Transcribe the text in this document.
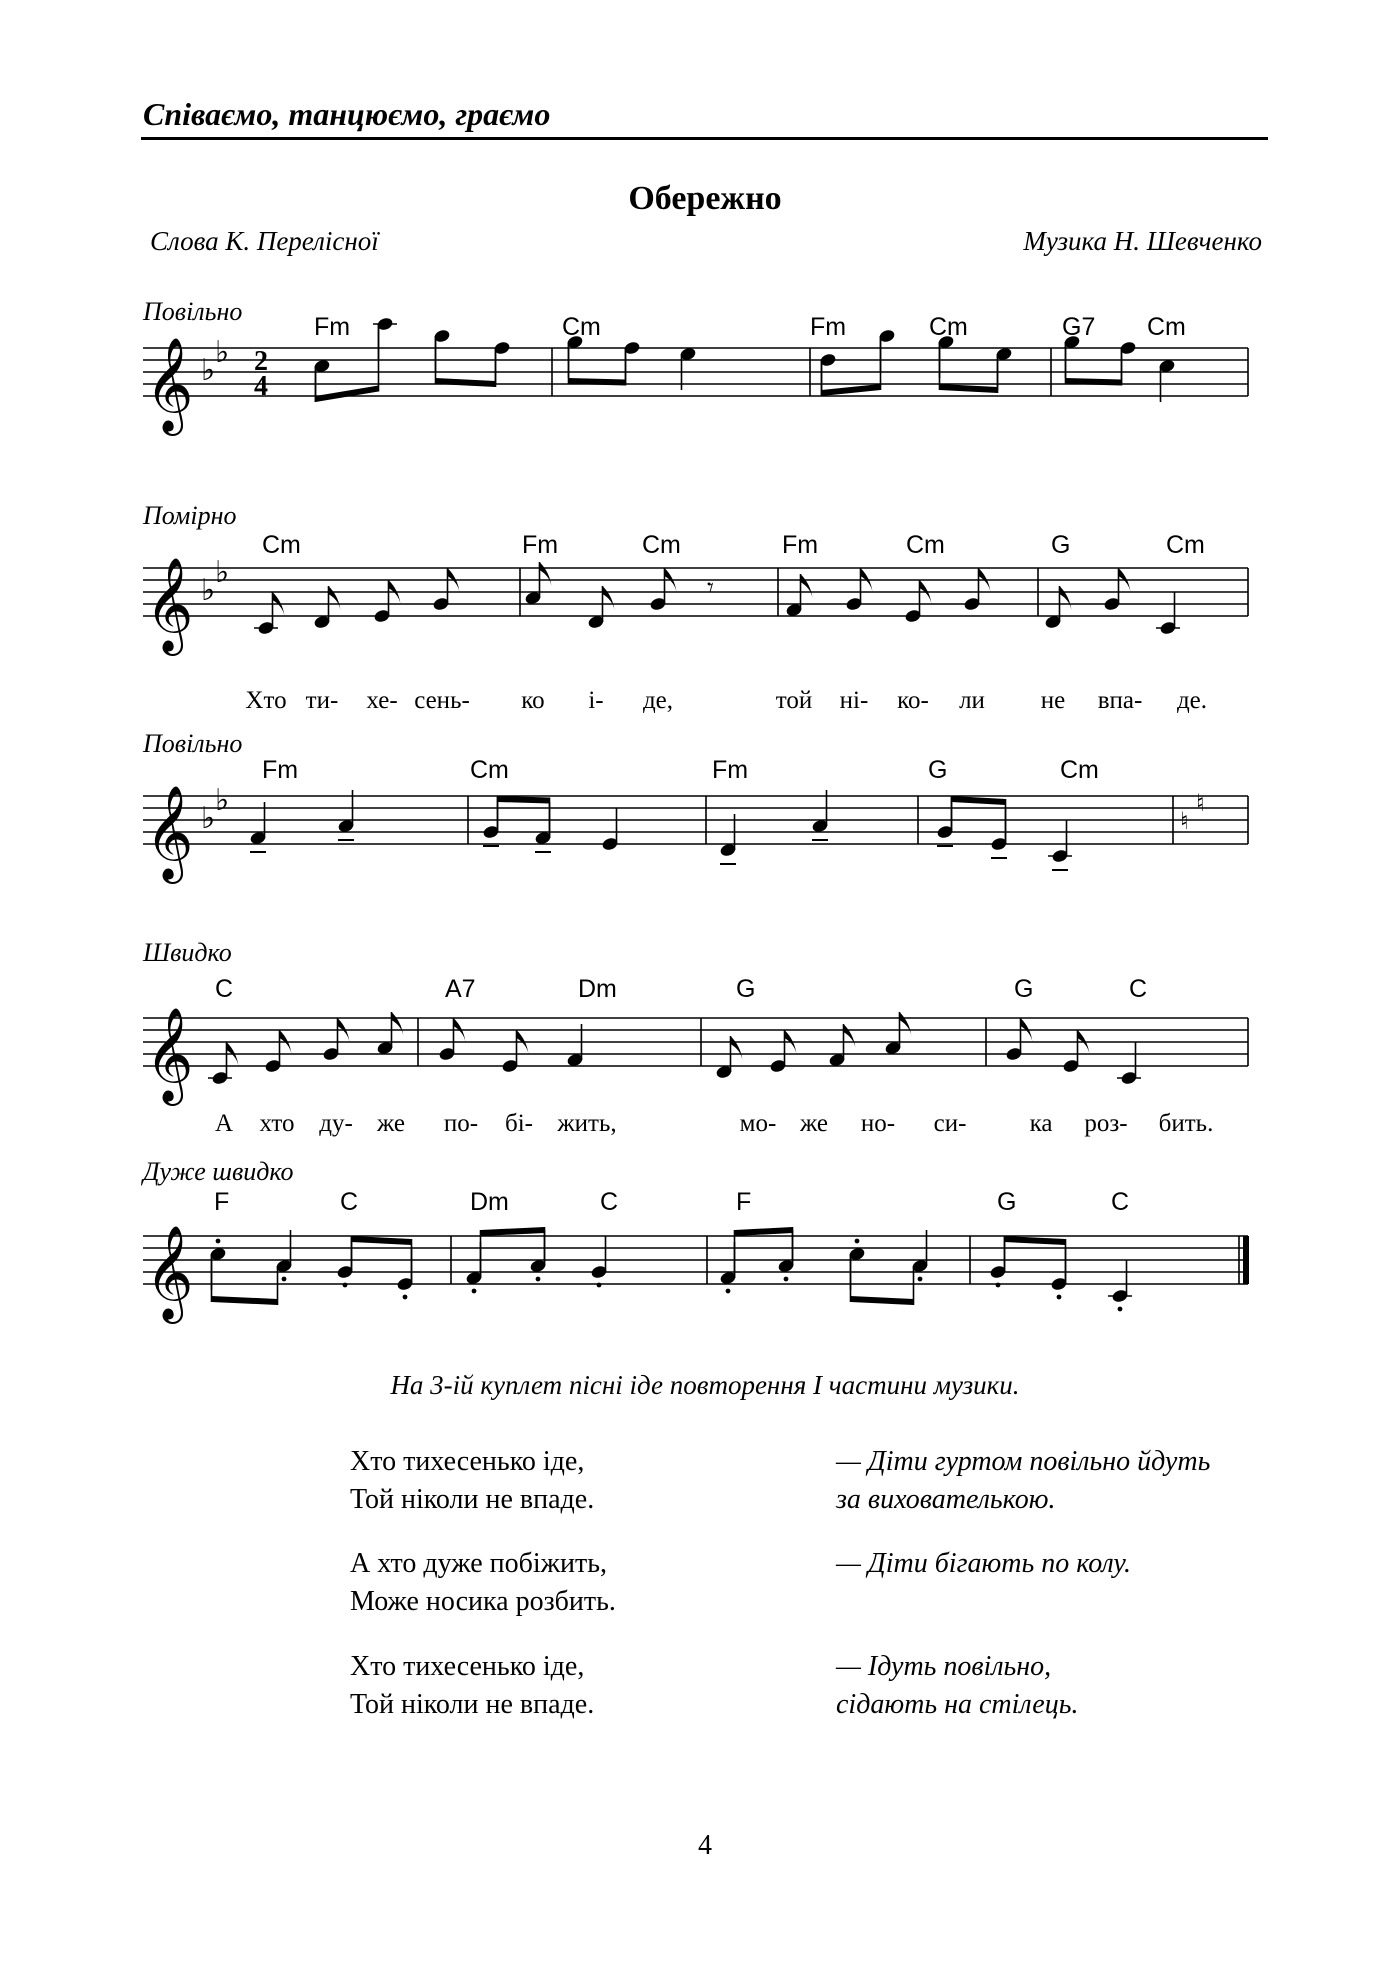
Співаємо, танцюємо, граємо
Обережно
Слова К. Перелісної	Музика Н. Шевченко
𝄞 ♭
♭ 2
4
Повільно
Fm	Cm	Fm	Cm	G7 Cm
𝄞 ♭
♭	𝄾
Помірно
Cm	Fm	Cm	Fm	Cm	G	Cm
Хто ти- хе- сень- ко і- де,	той ні- ко- ли не впа- де.
𝄞 ♭
♭
♮
♮
Повільно
Fm	Cm	Fm	G	Cm
𝄞
Швидко
C	A7	Dm	G	G	C
А хто ду- же по- бі- жить,	мо- же но- си-	ка роз- бить.
𝄞
Дуже швидко
F	C	Dm	C	F	G	C
На 3-ій куплет пісні іде повторення I частини музики.
Хто тихесенько іде,
Той ніколи не впаде.
— Діти гуртом повільно йдуть
за вихователькою.
А хто дуже побіжить,
Може носика розбить.
— Діти бігають по колу.
Хто тихесенько іде,
Той ніколи не впаде.
— Ідуть повільно,
сідають на стілець.
4
